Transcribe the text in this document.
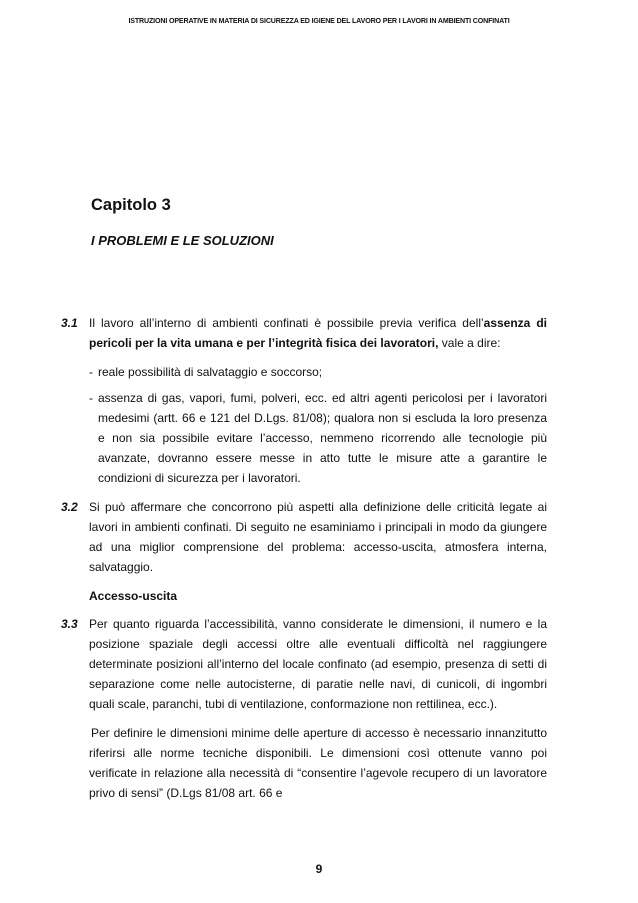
ISTRUZIONI OPERATIVE IN MATERIA DI SICUREZZA ED IGIENE DEL LAVORO PER I LAVORI IN AMBIENTI CONFINATI
Capitolo 3
I PROBLEMI E LE SOLUZIONI

3.1 Il lavoro all’interno di ambienti confinati è possibile previa verifica dell’assenza di pericoli per la vita umana e per l’integrità fisica dei lavoratori, vale a dire:

- reale possibilità di salvataggio e soccorso;
- assenza di gas, vapori, fumi, polveri, ecc. ed altri agenti pericolosi per i lavoratori medesimi (artt. 66 e 121 del D.Lgs. 81/08); qualora non si escluda la loro presenza e non sia possibile evitare l’accesso, nemmeno ricorrendo alle tecnologie più avanzate, dovranno essere messe in atto tutte le misure atte a garantire le condizioni di sicurezza per i lavoratori.

3.2 Si può affermare che concorrono più aspetti alla definizione delle criticità legate ai lavori in ambienti confinati. Di seguito ne esaminiamo i principali in modo da giungere ad una miglior comprensione del problema: accesso-uscita, atmosfera interna, salvataggio.

Accesso-uscita

3.3 Per quanto riguarda l’accessibilità, vanno considerate le dimensioni, il numero e la posizione spaziale degli accessi oltre alle eventuali difficoltà nel raggiungere determinate posizioni all’interno del locale confinato (ad esempio, presenza di setti di separazione come nelle autocisterne, di paratie nelle navi, di cunicoli, di ingombri quali scale, paranchi, tubi di ventilazione, conformazione non rettilinea, ecc.).

Per definire le dimensioni minime delle aperture di accesso è necessario innanzitutto riferirsi alle norme tecniche disponibili. Le dimensioni così ottenute vanno poi verificate in relazione alla necessità di “consentire l’agevole recupero di un lavoratore privo di sensi” (D.Lgs 81/08 art. 66 e

9
